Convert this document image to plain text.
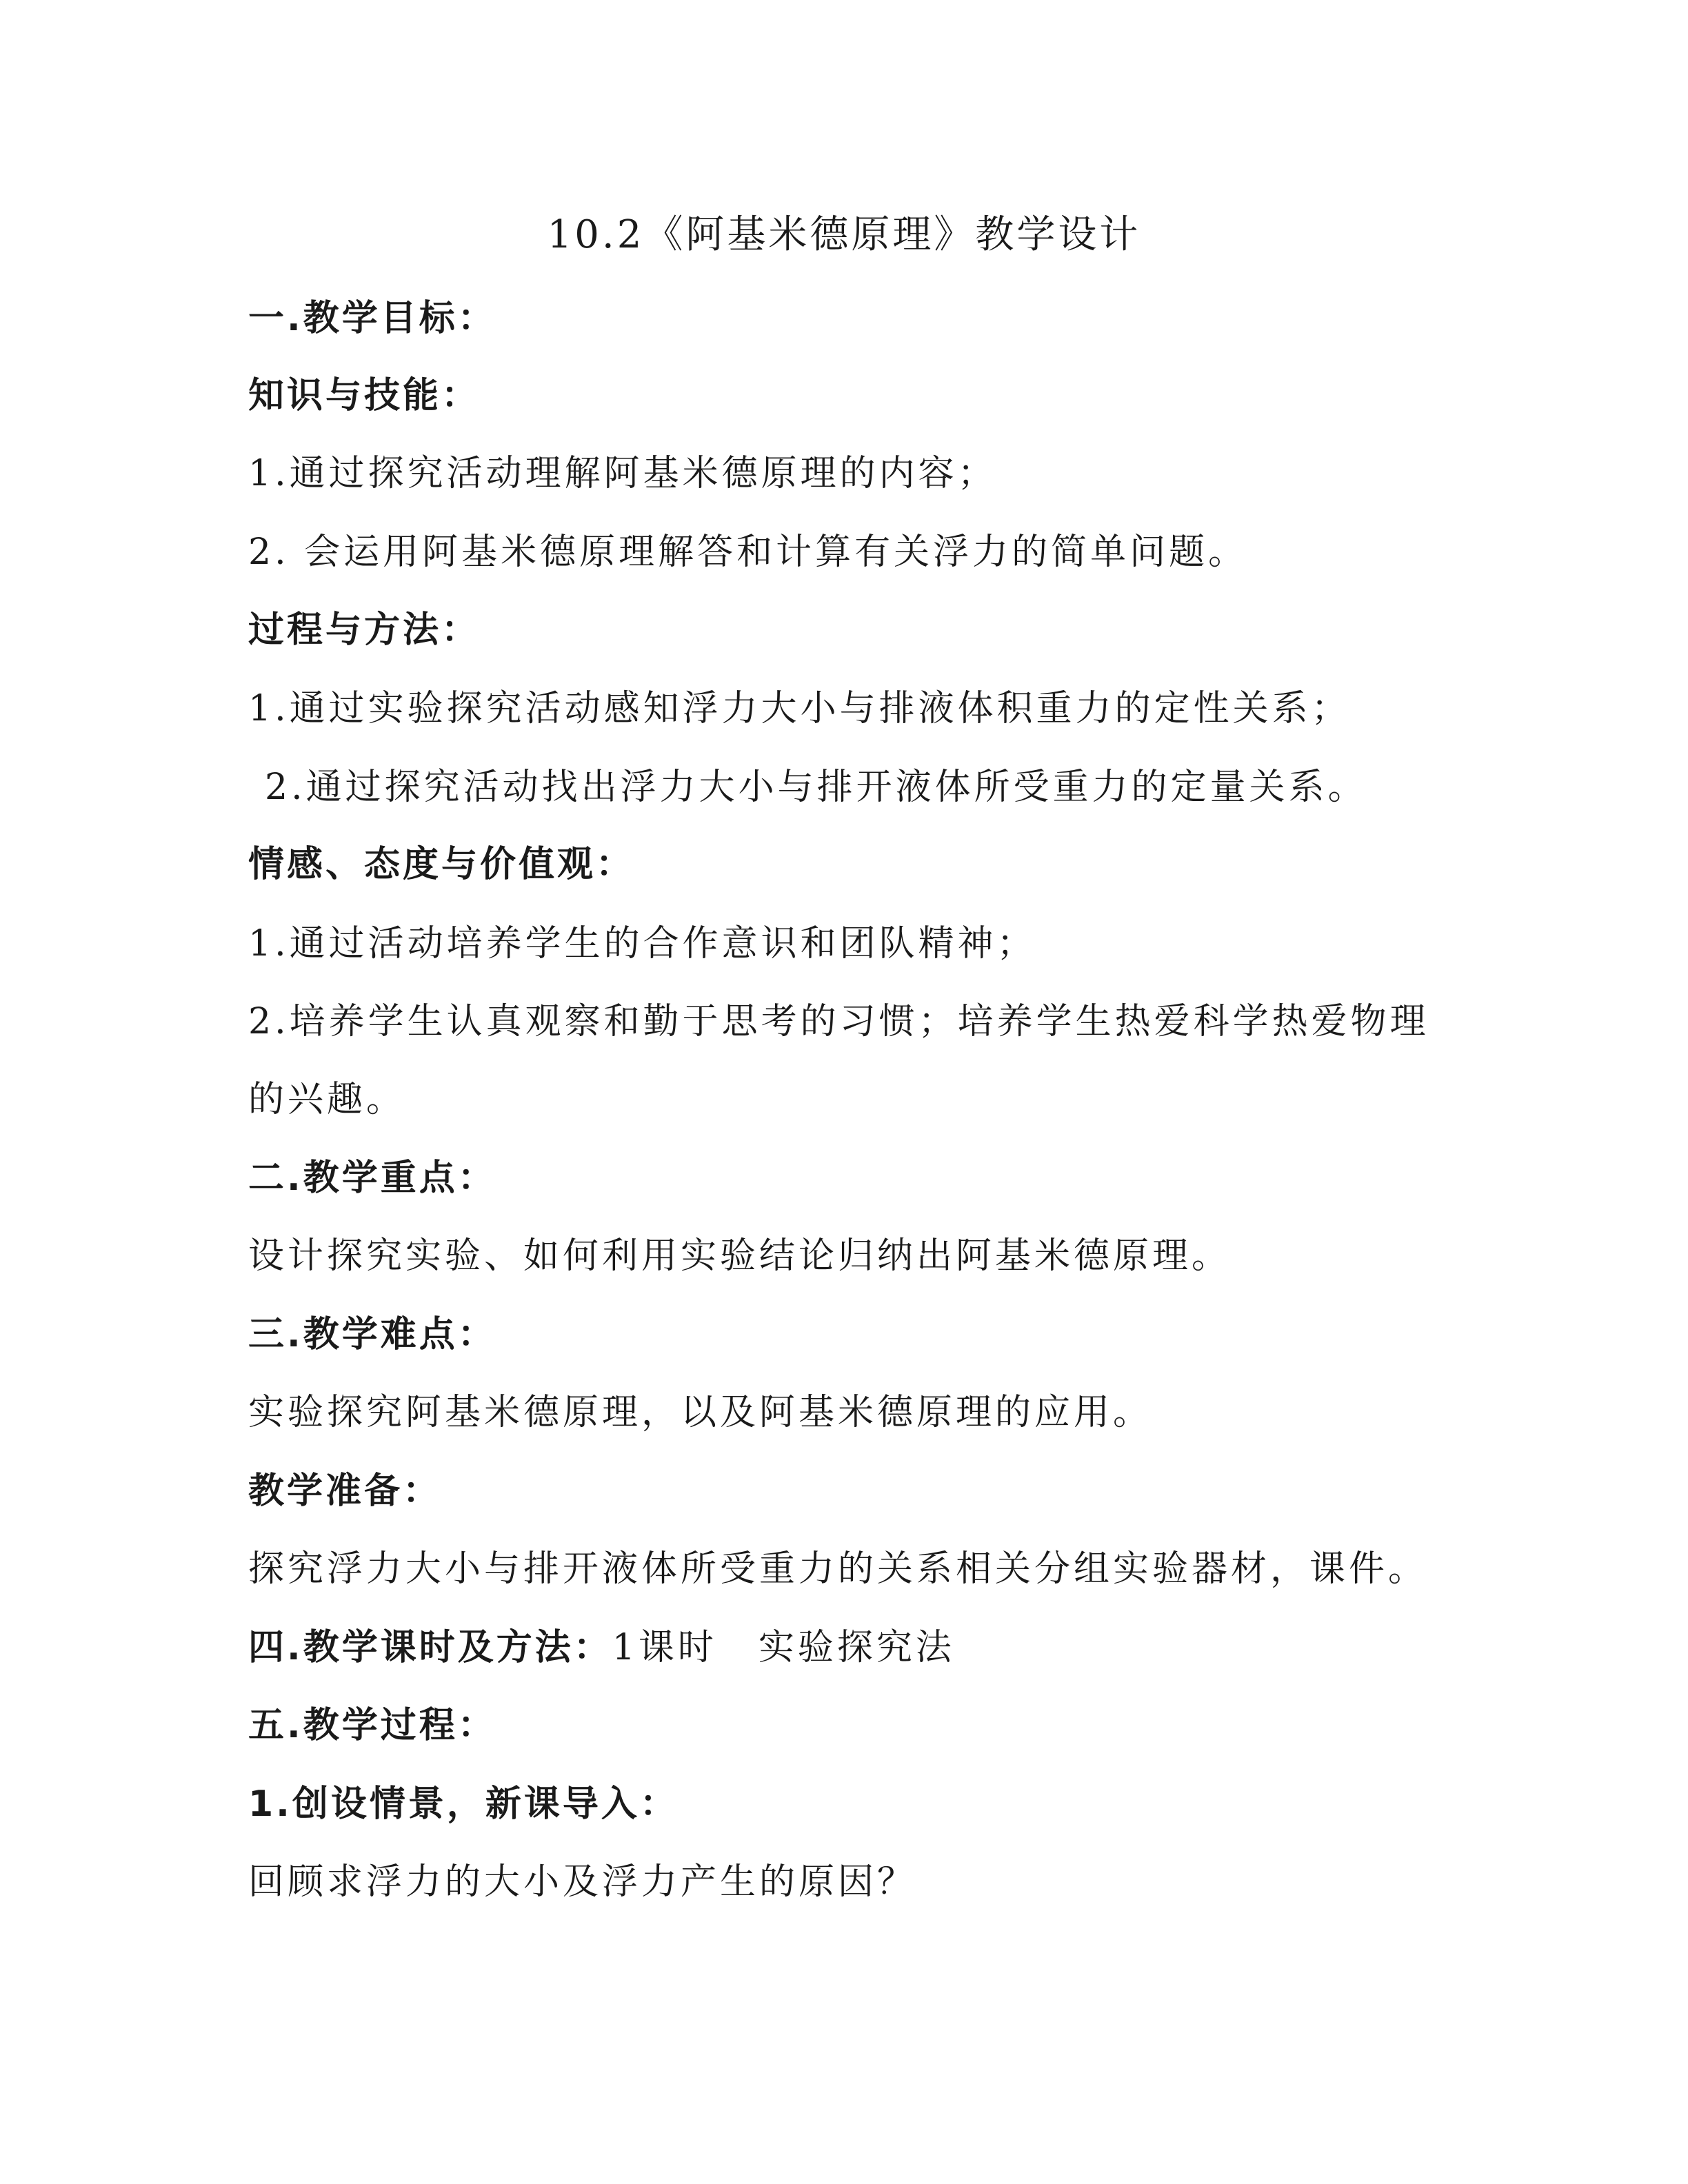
10.2《阿基米德原理》教学设计
一.教学目标：
知识与技能：
1.通过探究活动理解阿基米德原理的内容；
2. 会运用阿基米德原理解答和计算有关浮力的简单问题。
过程与方法：
1.通过实验探究活动感知浮力大小与排液体积重力的定性关系；
2.通过探究活动找出浮力大小与排开液体所受重力的定量关系。
情感、态度与价值观：
1.通过活动培养学生的合作意识和团队精神；
2.培养学生认真观察和勤于思考的习惯；培养学生热爱科学热爱物理
的兴趣。
二.教学重点：
设计探究实验、如何利用实验结论归纳出阿基米德原理。
三.教学难点：
实验探究阿基米德原理，以及阿基米德原理的应用。
教学准备：
探究浮力大小与排开液体所受重力的关系相关分组实验器材，课件。
四.教学课时及方法：1课时 实验探究法
五.教学过程：
1.创设情景，新课导入：
回顾求浮力的大小及浮力产生的原因？
